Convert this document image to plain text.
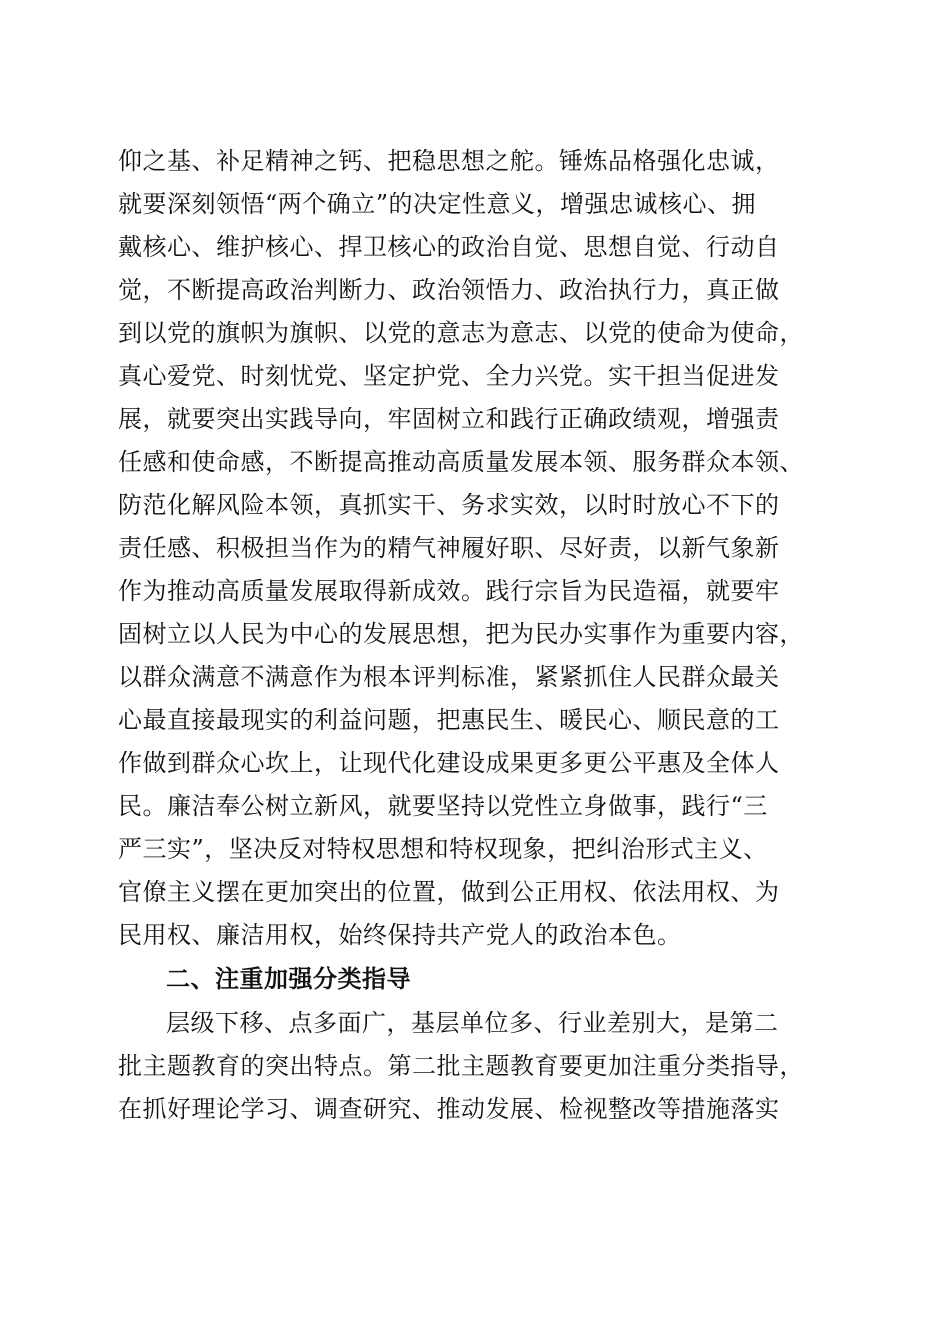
仰之基、补足精神之钙、把稳思想之舵。锤炼品格强化忠诚，
就要深刻领悟“两个确立”的决定性意义，增强忠诚核心、拥
戴核心、维护核心、捍卫核心的政治自觉、思想自觉、行动自
觉，不断提高政治判断力、政治领悟力、政治执行力，真正做
到以党的旗帜为旗帜、以党的意志为意志、以党的使命为使命，
真心爱党、时刻忧党、坚定护党、全力兴党。实干担当促进发
展，就要突出实践导向，牢固树立和践行正确政绩观，增强责
任感和使命感，不断提高推动高质量发展本领、服务群众本领、
防范化解风险本领，真抓实干、务求实效，以时时放心不下的
责任感、积极担当作为的精气神履好职、尽好责，以新气象新
作为推动高质量发展取得新成效。践行宗旨为民造福，就要牢
固树立以人民为中心的发展思想，把为民办实事作为重要内容，
以群众满意不满意作为根本评判标准，紧紧抓住人民群众最关
心最直接最现实的利益问题，把惠民生、暖民心、顺民意的工
作做到群众心坎上，让现代化建设成果更多更公平惠及全体人
民。廉洁奉公树立新风，就要坚持以党性立身做事，践行“三
严三实”，坚决反对特权思想和特权现象，把纠治形式主义、
官僚主义摆在更加突出的位置，做到公正用权、依法用权、为
民用权、廉洁用权，始终保持共产党人的政治本色。
二、注重加强分类指导
层级下移、点多面广，基层单位多、行业差别大，是第二
批主题教育的突出特点。第二批主题教育要更加注重分类指导，
在抓好理论学习、调查研究、推动发展、检视整改等措施落实
